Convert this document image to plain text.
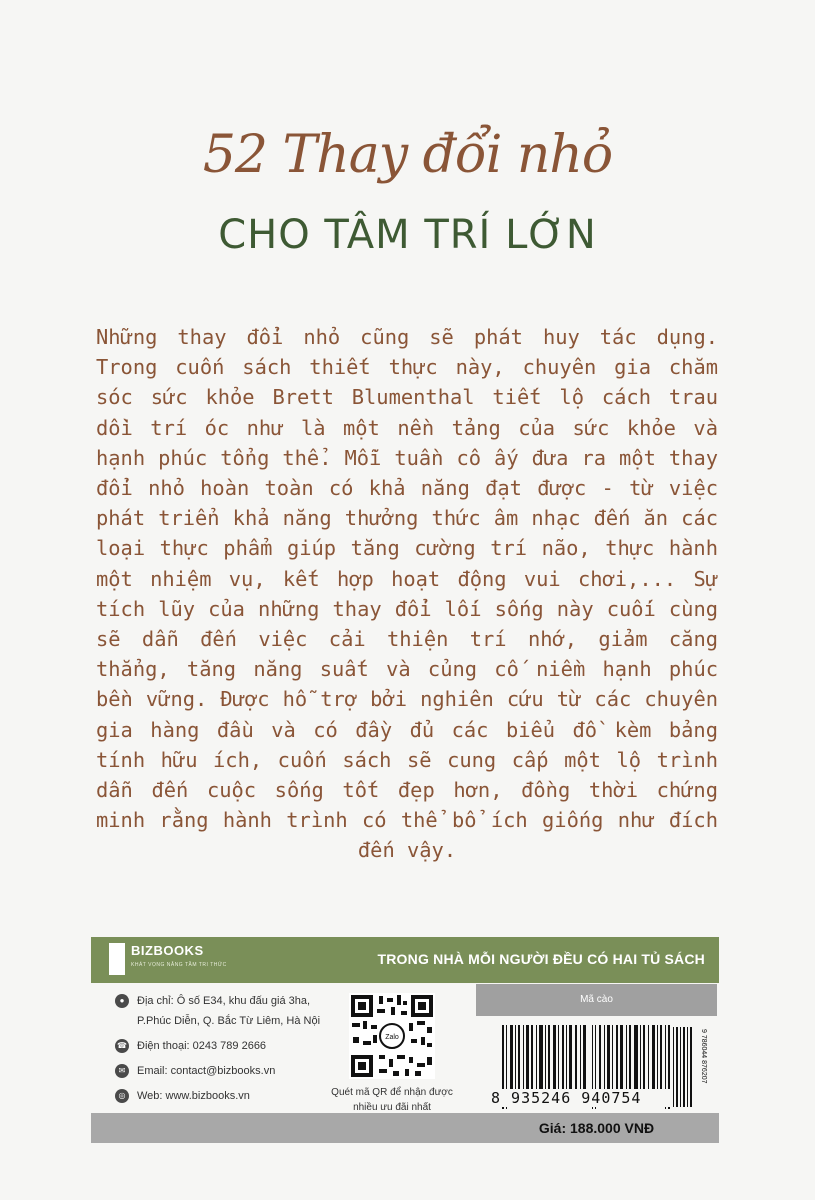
52 Thay đổi nhỏ
CHO TÂM TRÍ LỚN
Những thay đổi nhỏ cũng sẽ phát huy tác dụng. Trong cuốn sách thiết thực này, chuyên gia chăm sóc sức khỏe Brett Blumenthal tiết lộ cách trau dồi trí óc như là một nền tảng của sức khỏe và hạnh phúc tổng thể. Mỗi tuần cô ấy đưa ra một thay đổi nhỏ hoàn toàn có khả năng đạt được - từ việc phát triển khả năng thưởng thức âm nhạc đến ăn các loại thực phẩm giúp tăng cường trí não, thực hành một nhiệm vụ, kết hợp hoạt động vui chơi,... Sự tích lũy của những thay đổi lối sống này cuối cùng sẽ dẫn đến việc cải thiện trí nhớ, giảm căng thẳng, tăng năng suất và củng cố niềm hạnh phúc bền vững. Được hỗ trợ bởi nghiên cứu từ các chuyên gia hàng đầu và có đầy đủ các biểu đồ kèm bảng tính hữu ích, cuốn sách sẽ cung cấp một lộ trình dẫn đến cuộc sống tốt đẹp hơn, đồng thời chứng minh rằng hành trình có thể bổ ích giống như đích đến vậy.
BIZBOOKS
KHÁT VỌNG NÂNG TẦM TRI THỨC	TRONG NHÀ MỖI NGƯỜI ĐỀU CÓ HAI TỦ SÁCH
●	Địa chỉ: Ô số E34, khu đấu giá 3ha, P.Phúc Diễn, Q. Bắc Từ Liêm, Hà Nội
☎ Điện thoại: 0243 789 2666
✉	Email: contact@bizbooks.vn
◎	Web: www.bizbooks.vn
Zalo
Quét mã QR để nhận được nhiều ưu đãi nhất
Mã cào
8 935246 940754
9 786044 876207
Giá: 188.000 VNĐ
